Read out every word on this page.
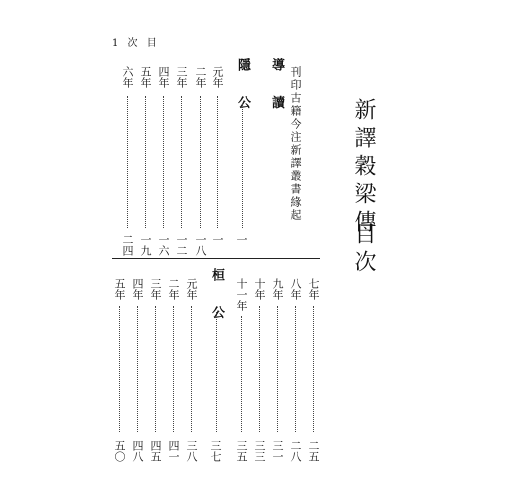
1 次 目
新譯穀梁傳
目次
刊印古籍今注新譯叢書緣起
導 讀
隱 公
一
元年
一
二年
一八
三年
一二
四年
一六
五年
一九
六年
二四
七年
二五
八年
二八
九年
三一
十年
三三
十一年
三五
桓 公
三七
元年
三八
二年
四一
三年
四五
四年
四八
五年
五〇
